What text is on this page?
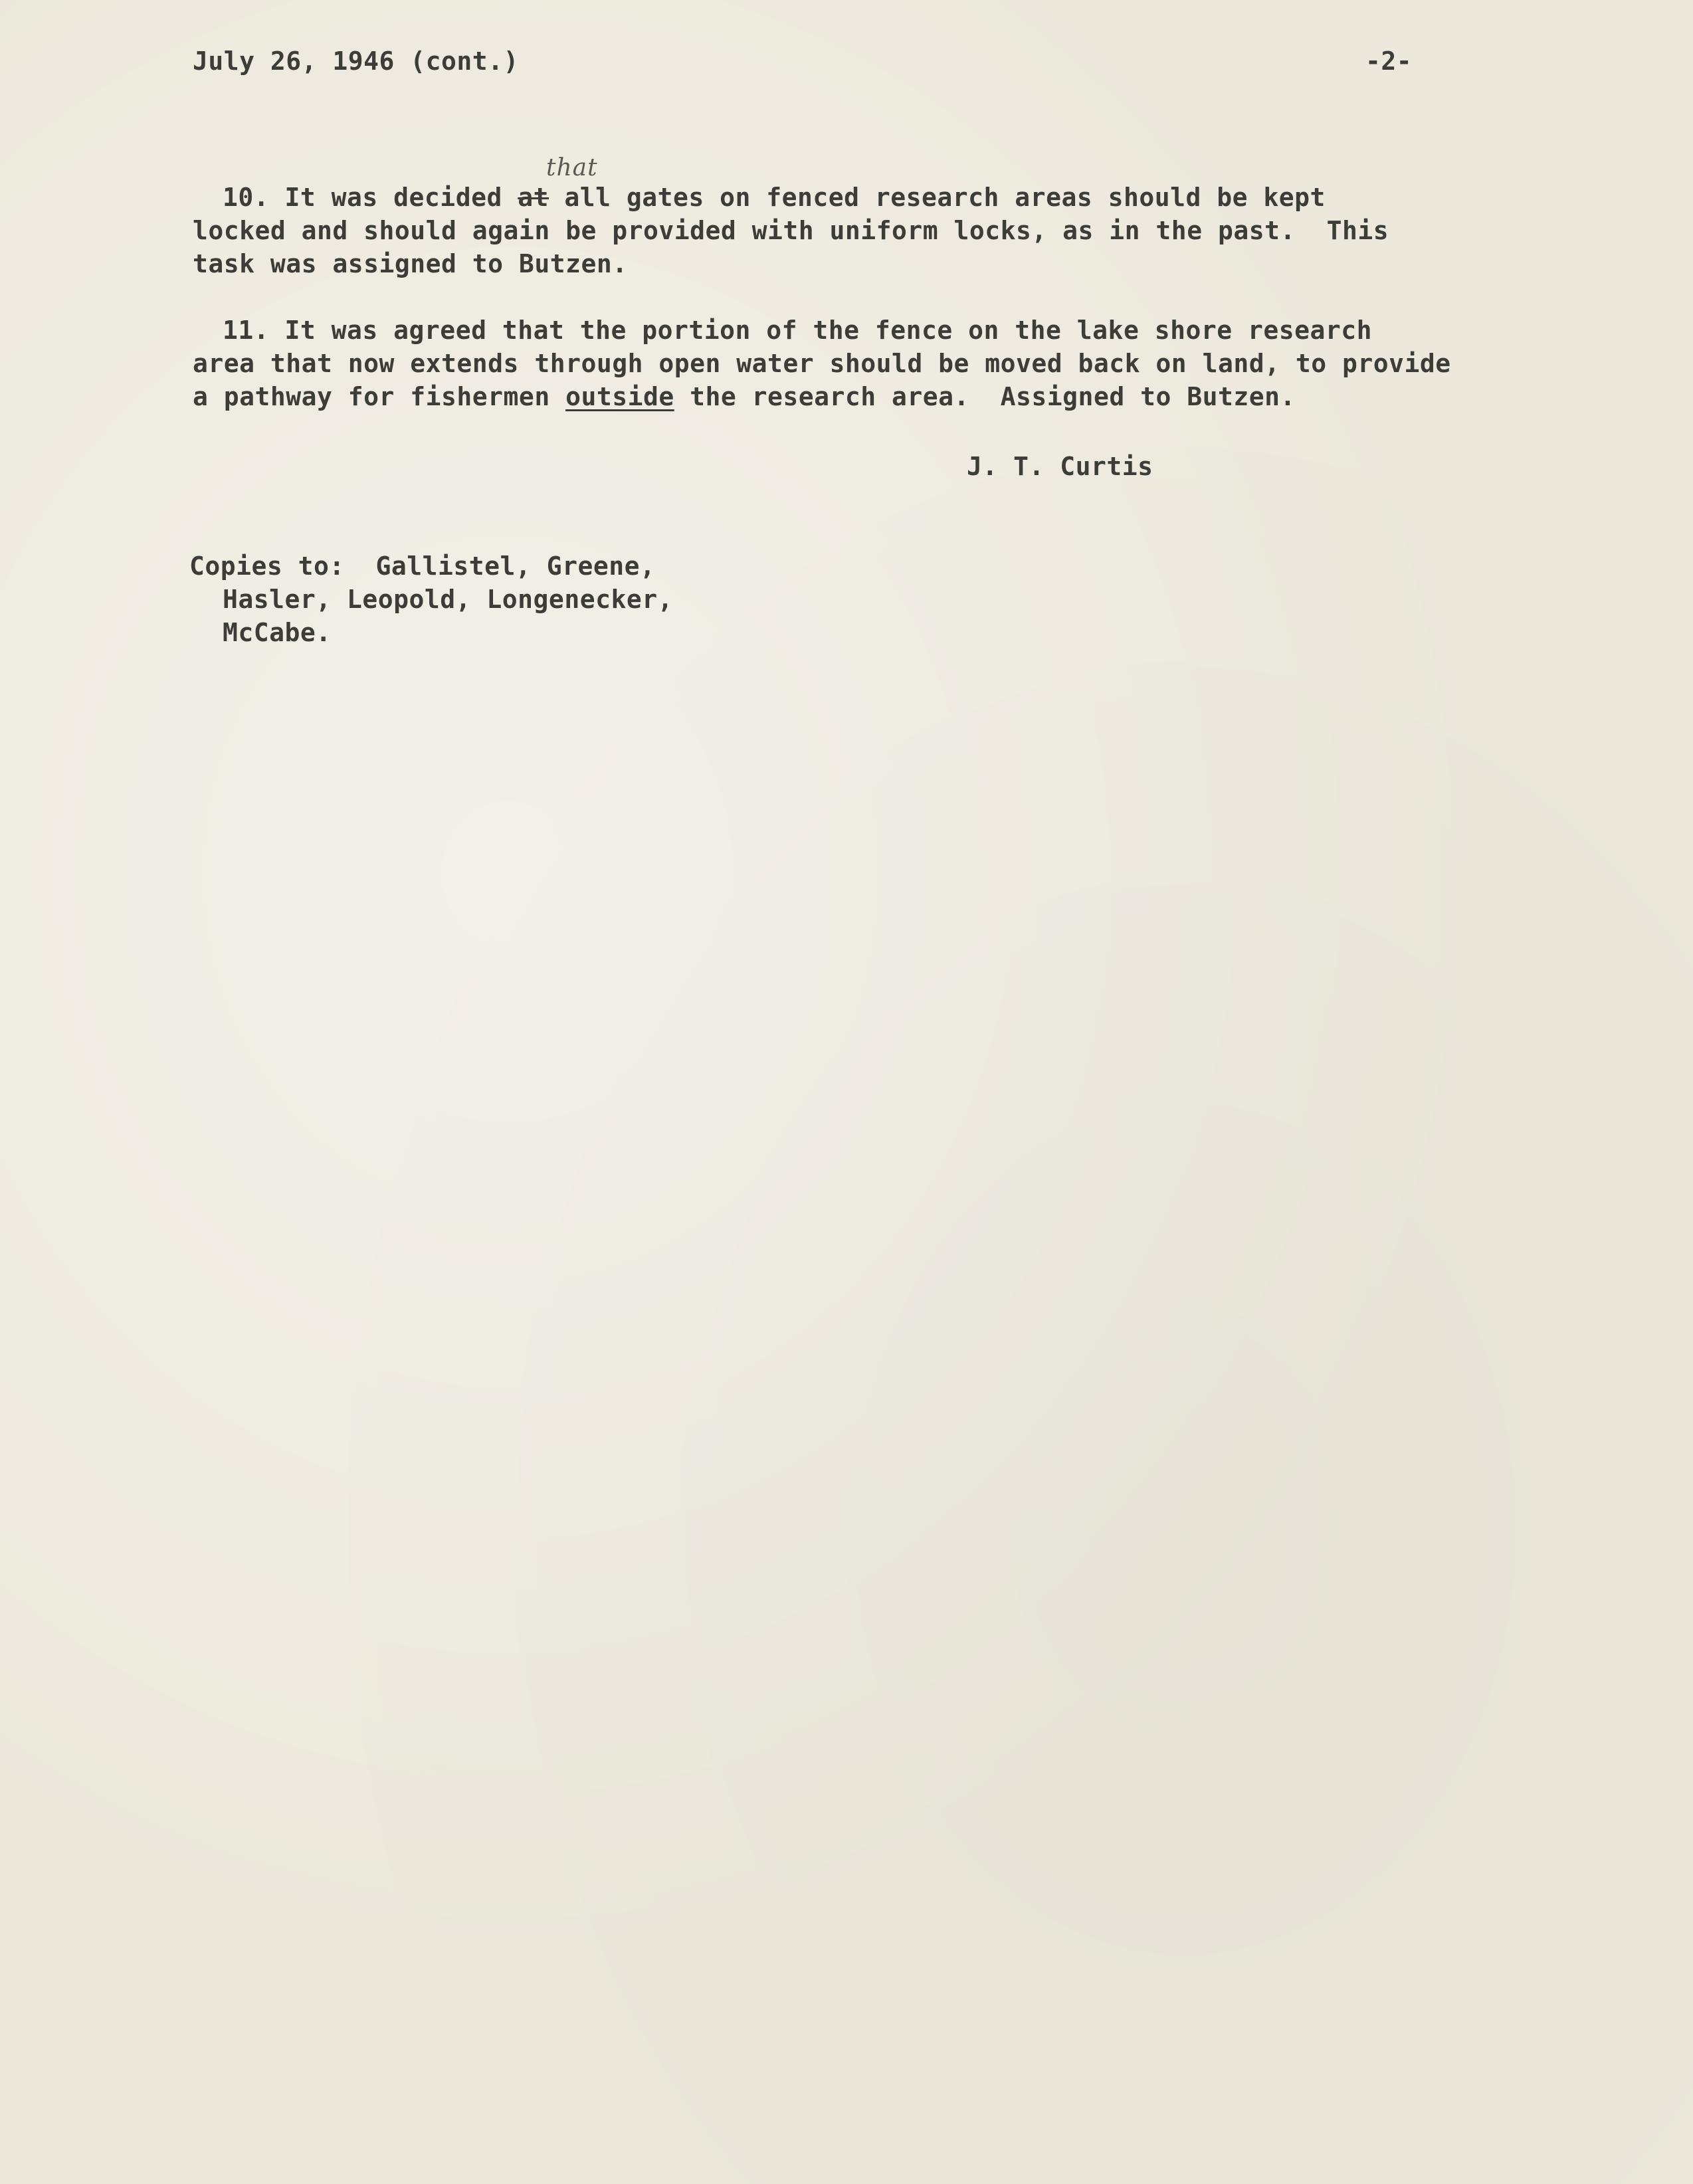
July 26, 1946 (cont.)	-2-
that
10. It was decided at all gates on fenced research areas should be kept
locked and should again be provided with uniform locks, as in the past.  This
task was assigned to Butzen.
11. It was agreed that the portion of the fence on the lake shore research
area that now extends through open water should be moved back on land, to provide
a pathway for fishermen outside the research area.  Assigned to Butzen.
J. T. Curtis
Copies to:  Gallistel, Greene,
Hasler, Leopold, Longenecker,
McCabe.
